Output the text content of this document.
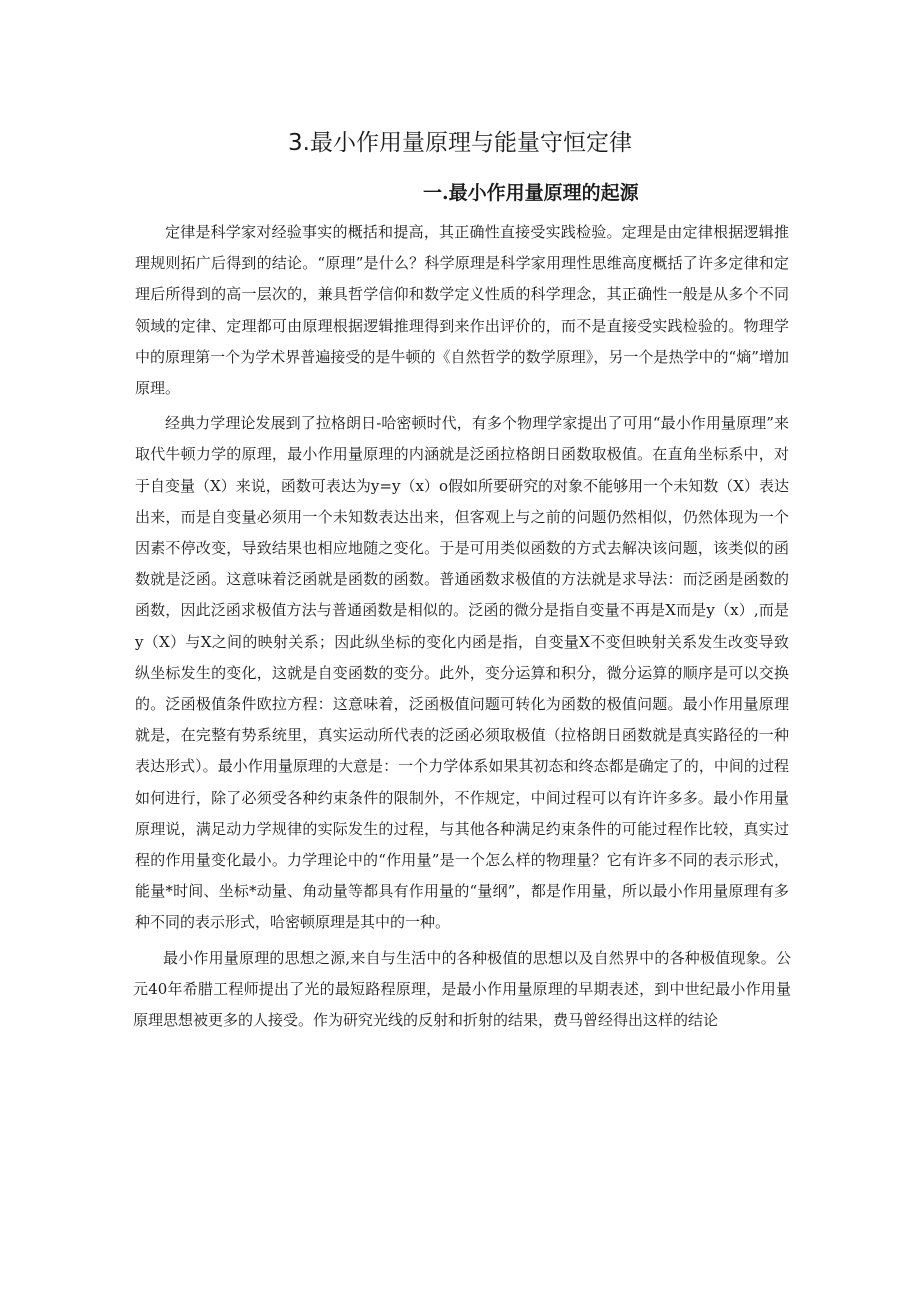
3.最小作用量原理与能量守恒定律
一.最小作用量原理的起源

定律是科学家对经验事实的概括和提高，其正确性直接受实践检验。定理是由定律根据逻辑推理规则拓广后得到的结论。“原理”是什么？科学原理是科学家用理性思维高度概括了许多定律和定理后所得到的高一层次的，兼具哲学信仰和数学定义性质的科学理念，其正确性一般是从多个不同领域的定律、定理都可由原理根据逻辑推理得到来作出评价的，而不是直接受实践检验的。物理学中的原理第一个为学术界普遍接受的是牛顿的《自然哲学的数学原理》，另一个是热学中的“熵”增加原理。

经典力学理论发展到了拉格朗日-哈密顿时代，有多个物理学家提出了可用“最小作用量原理”来取代牛顿力学的原理，最小作用量原理的内涵就是泛函拉格朗日函数取极值。在直角坐标系中，对于自变量（X）来说，函数可表达为y=y（x）o假如所要研究的对象不能够用一个未知数（X）表达出来，而是自变量必须用一个未知数表达出来，但客观上与之前的问题仍然相似，仍然体现为一个因素不停改变，导致结果也相应地随之变化。于是可用类似函数的方式去解决该问题，该类似的函数就是泛函。这意味着泛函就是函数的函数。普通函数求极值的方法就是求导法：而泛函是函数的函数，因此泛函求极值方法与普通函数是相似的。泛函的微分是指自变量不再是X而是y（x）,而是y（X）与X之间的映射关系；因此纵坐标的变化内函是指，自变量X不变但映射关系发生改变导致纵坐标发生的变化，这就是自变函数的变分。此外，变分运算和积分，微分运算的顺序是可以交换的。泛函极值条件欧拉方程：这意味着，泛函极值问题可转化为函数的极值问题。最小作用量原理就是，在完整有势系统里，真实运动所代表的泛函必须取极值（拉格朗日函数就是真实路径的一种表达形式）。最小作用量原理的大意是：一个力学体系如果其初态和终态都是确定了的，中间的过程如何进行，除了必须受各种约束条件的限制外，不作规定，中间过程可以有许许多多。最小作用量原理说，满足动力学规律的实际发生的过程，与其他各种满足约束条件的可能过程作比较，真实过程的作用量变化最小。力学理论中的“作用量”是一个怎么样的物理量？它有许多不同的表示形式，能量*时间、坐标*动量、角动量等都具有作用量的“量纲”，都是作用量，所以最小作用量原理有多种不同的表示形式，哈密顿原理是其中的一种。

最小作用量原理的思想之源,来自与生活中的各种极值的思想以及自然界中的各种极值现象。公元40年希腊工程师提出了光的最短路程原理，是最小作用量原理的早期表述，到中世纪最小作用量原理思想被更多的人接受。作为研究光线的反射和折射的结果，费马曾经得出这样的结论
